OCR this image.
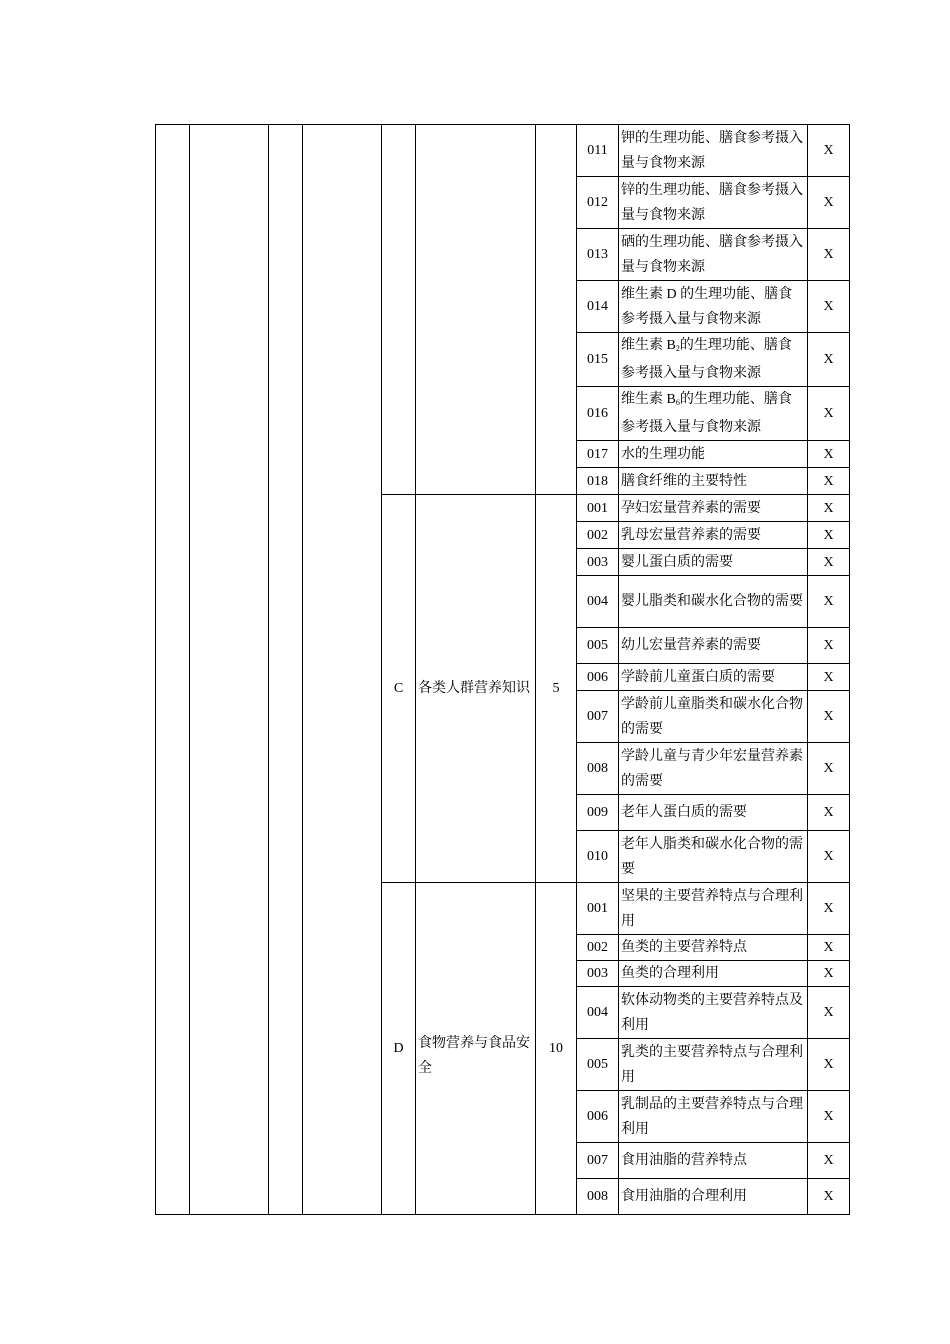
							011	钾的生理功能、膳食参考摄入量与食物来源	X
							012	锌的生理功能、膳食参考摄入量与食物来源	X
							013	硒的生理功能、膳食参考摄入量与食物来源	X
							014	维生素 D 的生理功能、膳食参考摄入量与食物来源	X
							015	维生素 $B_2$的生理功能、膳食参考摄入量与食物来源	X
							016	维生素 $B_6$的生理功能、膳食参考摄入量与食物来源	X
							017	水的生理功能	X
							018	膳食纤维的主要特性	X
				C	各类人群营养知识	5	001	孕妇宏量营养素的需要	X
							002	乳母宏量营养素的需要	X
							003	婴儿蛋白质的需要	X
							004	婴儿脂类和碳水化合物的需要	X
							005	幼儿宏量营养素的需要	X
							006	学龄前儿童蛋白质的需要	X
							007	学龄前儿童脂类和碳水化合物的需要	X
							008	学龄儿童与青少年宏量营养素的需要	X
							009	老年人蛋白质的需要	X
							010	老年人脂类和碳水化合物的需要	X
				D	食物营养与食品安全	10	001	坚果的主要营养特点与合理利用	X
							002	鱼类的主要营养特点	X
							003	鱼类的合理利用	X
							004	软体动物类的主要营养特点及利用	X
							005	乳类的主要营养特点与合理利用	X
							006	乳制品的主要营养特点与合理利用	X
							007	食用油脂的营养特点	X
							008	食用油脂的合理利用	X
